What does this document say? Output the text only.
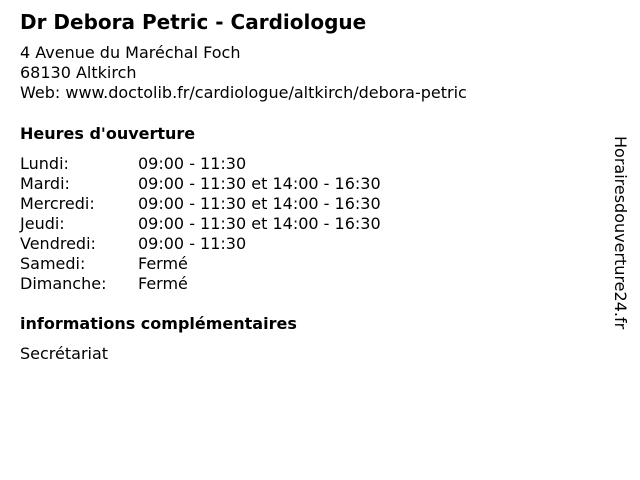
Dr Debora Petric - Cardiologue
4 Avenue du Maréchal Foch
68130 Altkirch
Web: www.doctolib.fr/cardiologue/altkirch/debora-petric
Heures d'ouverture
Lundi:	09:00 - 11:30
Mardi:	09:00 - 11:30 et 14:00 - 16:30
Mercredi:	09:00 - 11:30 et 14:00 - 16:30
Jeudi:	09:00 - 11:30 et 14:00 - 16:30
Vendredi:	09:00 - 11:30
Samedi:	Fermé
Dimanche: Fermé
informations complémentaires
Secrétariat
Horairesdouverture24.fr
